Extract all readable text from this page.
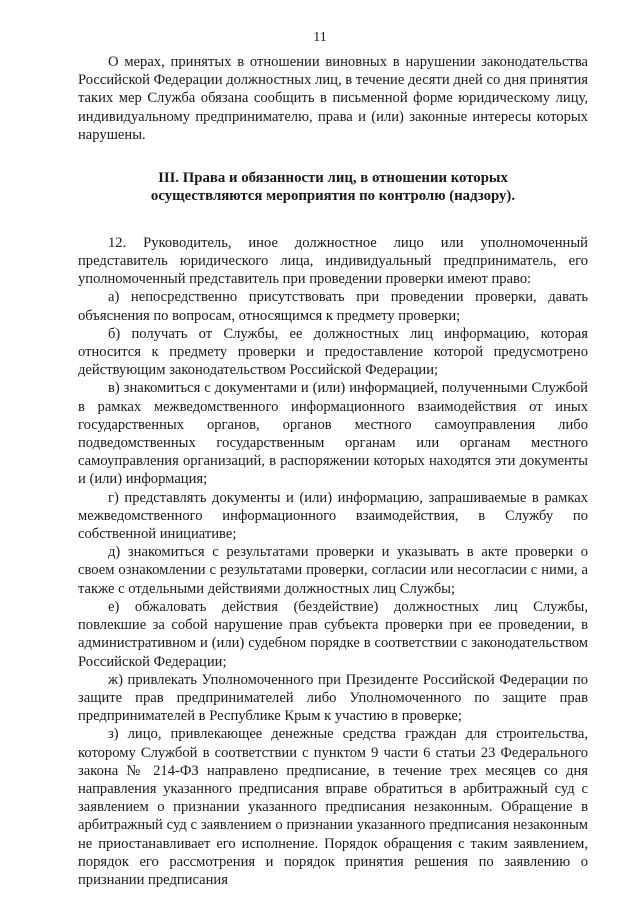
11

О мерах, принятых в отношении виновных в нарушении законодательства Российской Федерации должностных лиц, в течение десяти дней со дня принятия таких мер Служба обязана сообщить в письменной форме юридическому лицу, индивидуальному предпринимателю, права и (или) законные интересы которых нарушены.

III. Права и обязанности лиц, в отношении которых
осуществляются мероприятия по контролю (надзору).

12. Руководитель, иное должностное лицо или уполномоченный представитель юридического лица, индивидуальный предприниматель, его уполномоченный представитель при проведении проверки имеют право:

а) непосредственно присутствовать при проведении проверки, давать объяснения по вопросам, относящимся к предмету проверки;

б) получать от Службы, ее должностных лиц информацию, которая относится к предмету проверки и предоставление которой предусмотрено действующим законодательством Российской Федерации;

в) знакомиться с документами и (или) информацией, полученными Службой в рамках межведомственного информационного взаимодействия от иных государственных органов, органов местного самоуправления либо подведомственных государственным органам или органам местного самоуправления организаций, в распоряжении которых находятся эти документы и (или) информация;

г) представлять документы и (или) информацию, запрашиваемые в рамках межведомственного информационного взаимодействия, в Службу по собственной инициативе;

д) знакомиться с результатами проверки и указывать в акте проверки о своем ознакомлении с результатами проверки, согласии или несогласии с ними, а также с отдельными действиями должностных лиц Службы;

е) обжаловать действия (бездействие) должностных лиц Службы, повлекшие за собой нарушение прав субъекта проверки при ее проведении, в административном и (или) судебном порядке в соответствии с законодательством Российской Федерации;

ж) привлекать Уполномоченного при Президенте Российской Федерации по защите прав предпринимателей либо Уполномоченного по защите прав предпринимателей в Республике Крым к участию в проверке;

з) лицо, привлекающее денежные средства граждан для строительства, которому Службой в соответствии с пунктом 9 части 6 статьи 23 Федерального закона № 214-ФЗ направлено предписание, в течение трех месяцев со дня направления указанного предписания вправе обратиться в арбитражный суд с заявлением о признании указанного предписания незаконным. Обращение в арбитражный суд с заявлением о признании указанного предписания незаконным не приостанавливает его исполнение. Порядок обращения с таким заявлением, порядок его рассмотрения и порядок принятия решения по заявлению о признании предписания
